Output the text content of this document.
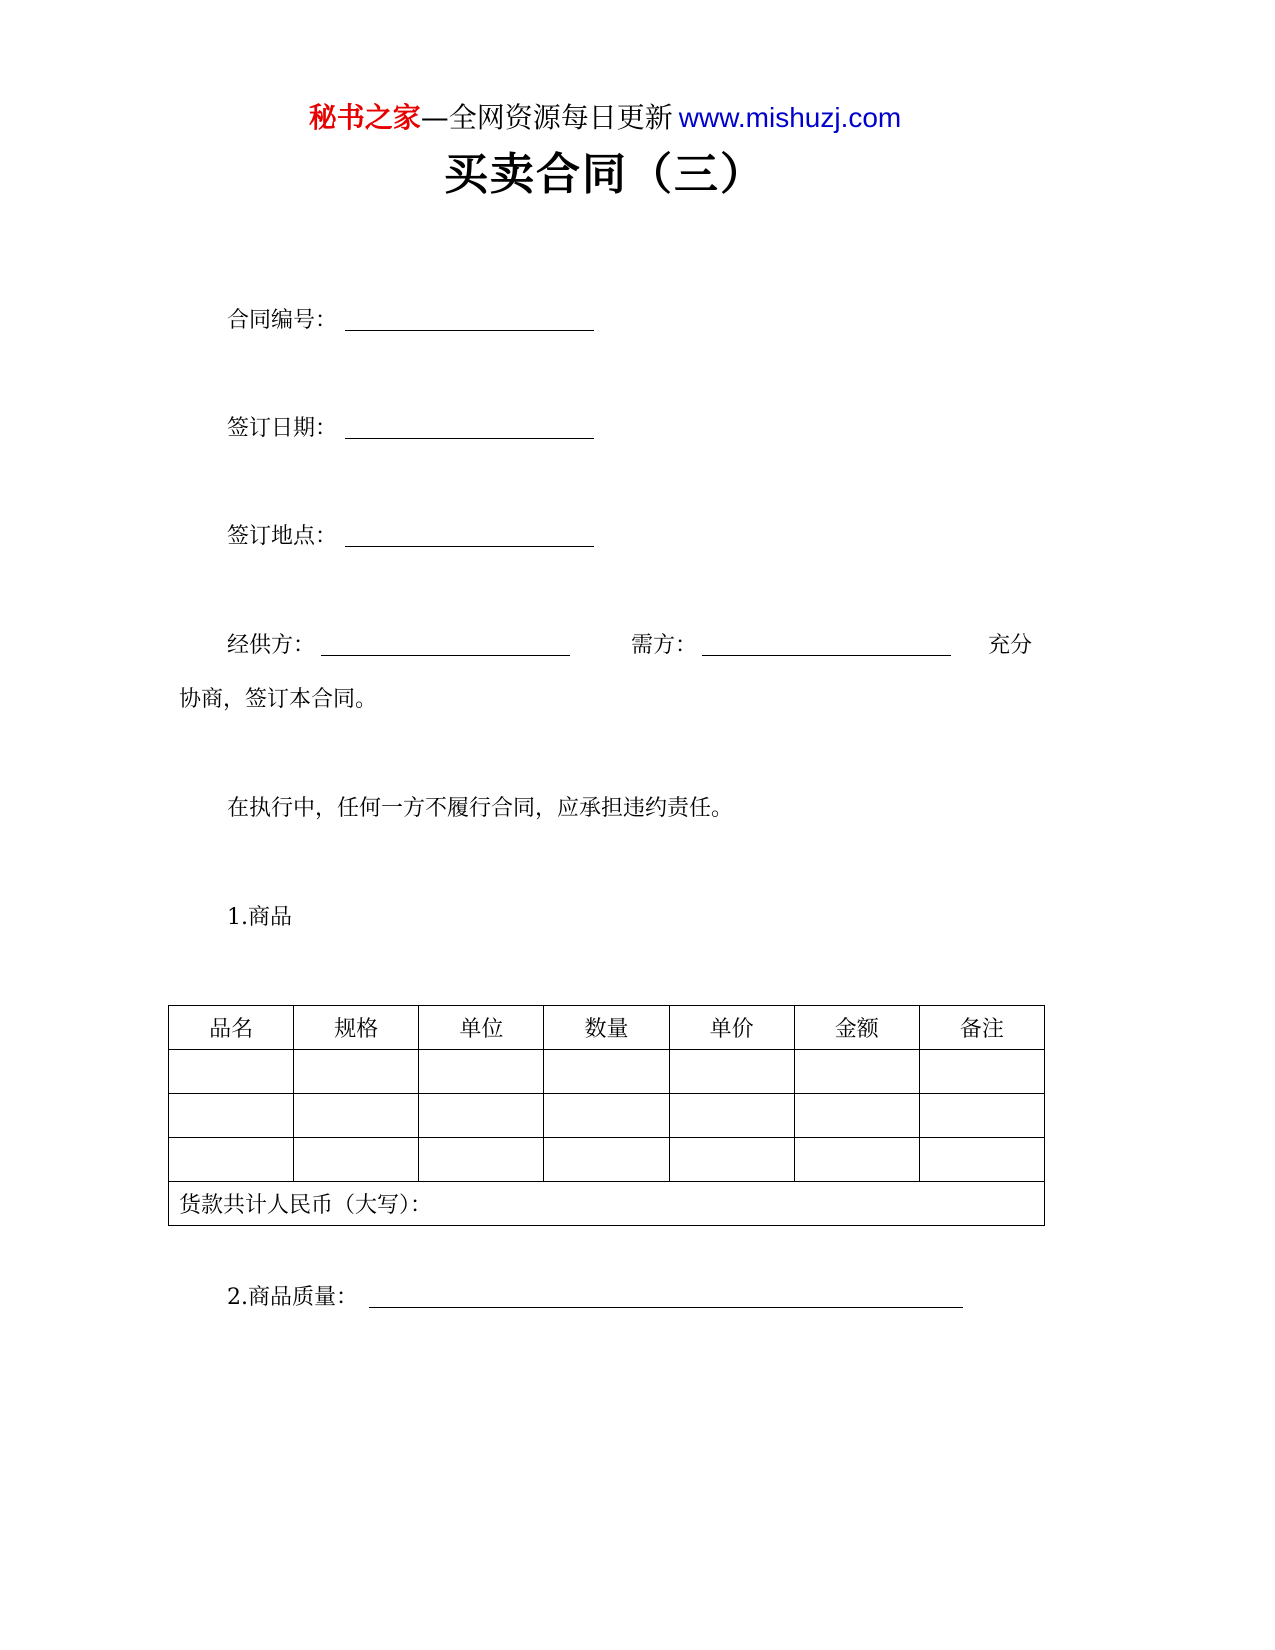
秘书之家—全网资源每日更新 www.mishuzj.com
买卖合同（三）
合同编号：
签订日期：
签订地点：
经供方：	需方：	充分
协商，签订本合同。
在执行中，任何一方不履行合同，应承担违约责任。
1.商品
品名	规格	单位	数量	单价	金额	备注

货款共计人民币（大写）：						
2.商品质量：
